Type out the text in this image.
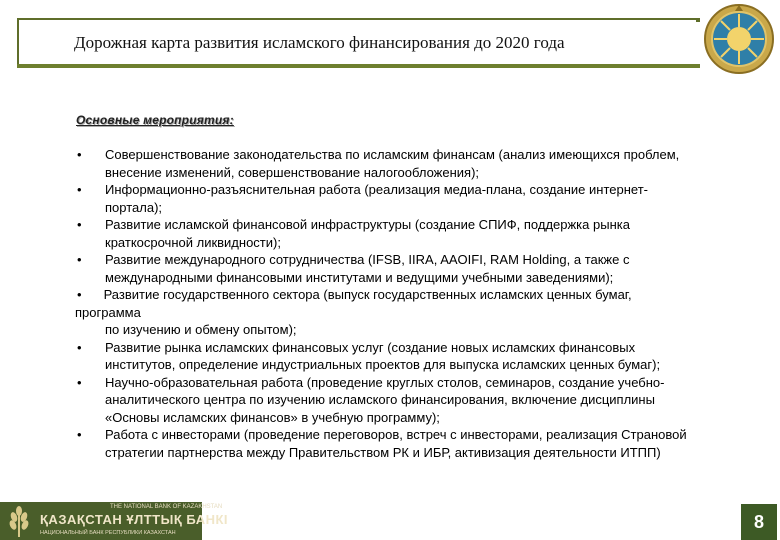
Дорожная карта развития исламского финансирования до 2020 года
Основные мероприятия:
• Совершенствование законодательства по исламским финансам (анализ имеющихся проблем,
внесение изменений, совершенствование налогообложения);
• Информационно-разъяснительная работа (реализация медиа-плана, создание интернет-
портала);
• Развитие исламской финансовой инфраструктуры (создание СПИФ, поддержка рынка
краткосрочной ликвидности);
• Развитие международного сотрудничества (IFSB, IIRA, AAOIFI, RAM Holding, а также с
международными финансовыми институтами и ведущими учебными заведениями);
• Развитие государственного сектора (выпуск государственных исламских ценных бумаг,
программа
по изучению и обмену опытом);
• Развитие рынка исламских финансовых услуг (создание новых исламских финансовых
институтов, определение индустриальных проектов для выпуска исламских ценных бумаг);
• Научно-образовательная работа (проведение круглых столов, семинаров, создание учебно-
аналитического центра по изучению исламского финансирования, включение дисциплины
«Основы исламских финансов» в учебную программу);
• Работа с инвесторами (проведение переговоров, встреч с инвесторами, реализация Страновой
стратегии партнерства между Правительством РК и ИБР, активизация деятельности ИТПП)
THE NATIONAL BANK OF KAZAKHSTAN
ҚАЗАҚСТАН ҰЛТТЫҚ БАНКІ
НАЦИОНАЛЬНЫЙ БАНК РЕСПУБЛИКИ КАЗАХСТАН
8
